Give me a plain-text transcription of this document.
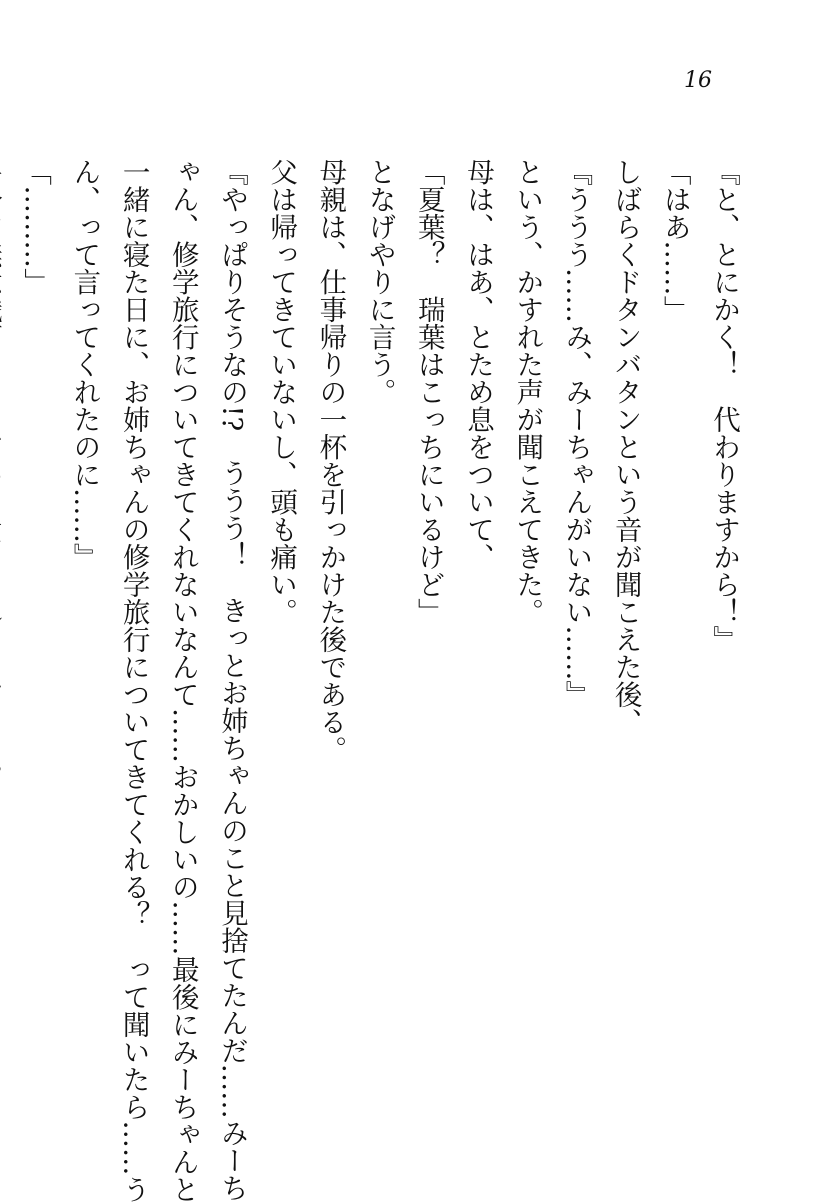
16

『と、とにかく！　代わりますから！』

「はあ……」

しばらくドタンバタンという音が聞こえた後、

『ううう……み、みーちゃんがいない……』

という、かすれた声が聞こえてきた。

母は、はあ、とため息をついて、

「夏葉？　瑞葉はこっちにいるけど」

となげやりに言う。

母親は、仕事帰りの一杯を引っかけた後である。

父は帰ってきていないし、頭も痛い。

『やっぱりそうなの!?　ううう！　きっとお姉ちゃんのこと見捨てたんだ……みーち

ゃん、修学旅行についてきてくれないなんて……おかしいの……最後にみーちゃんと

一緒に寝た日に、お姉ちゃんの修学旅行についてきてくれる？　って聞いたら……う

ん、って言ってくれたのに……』

「………」
